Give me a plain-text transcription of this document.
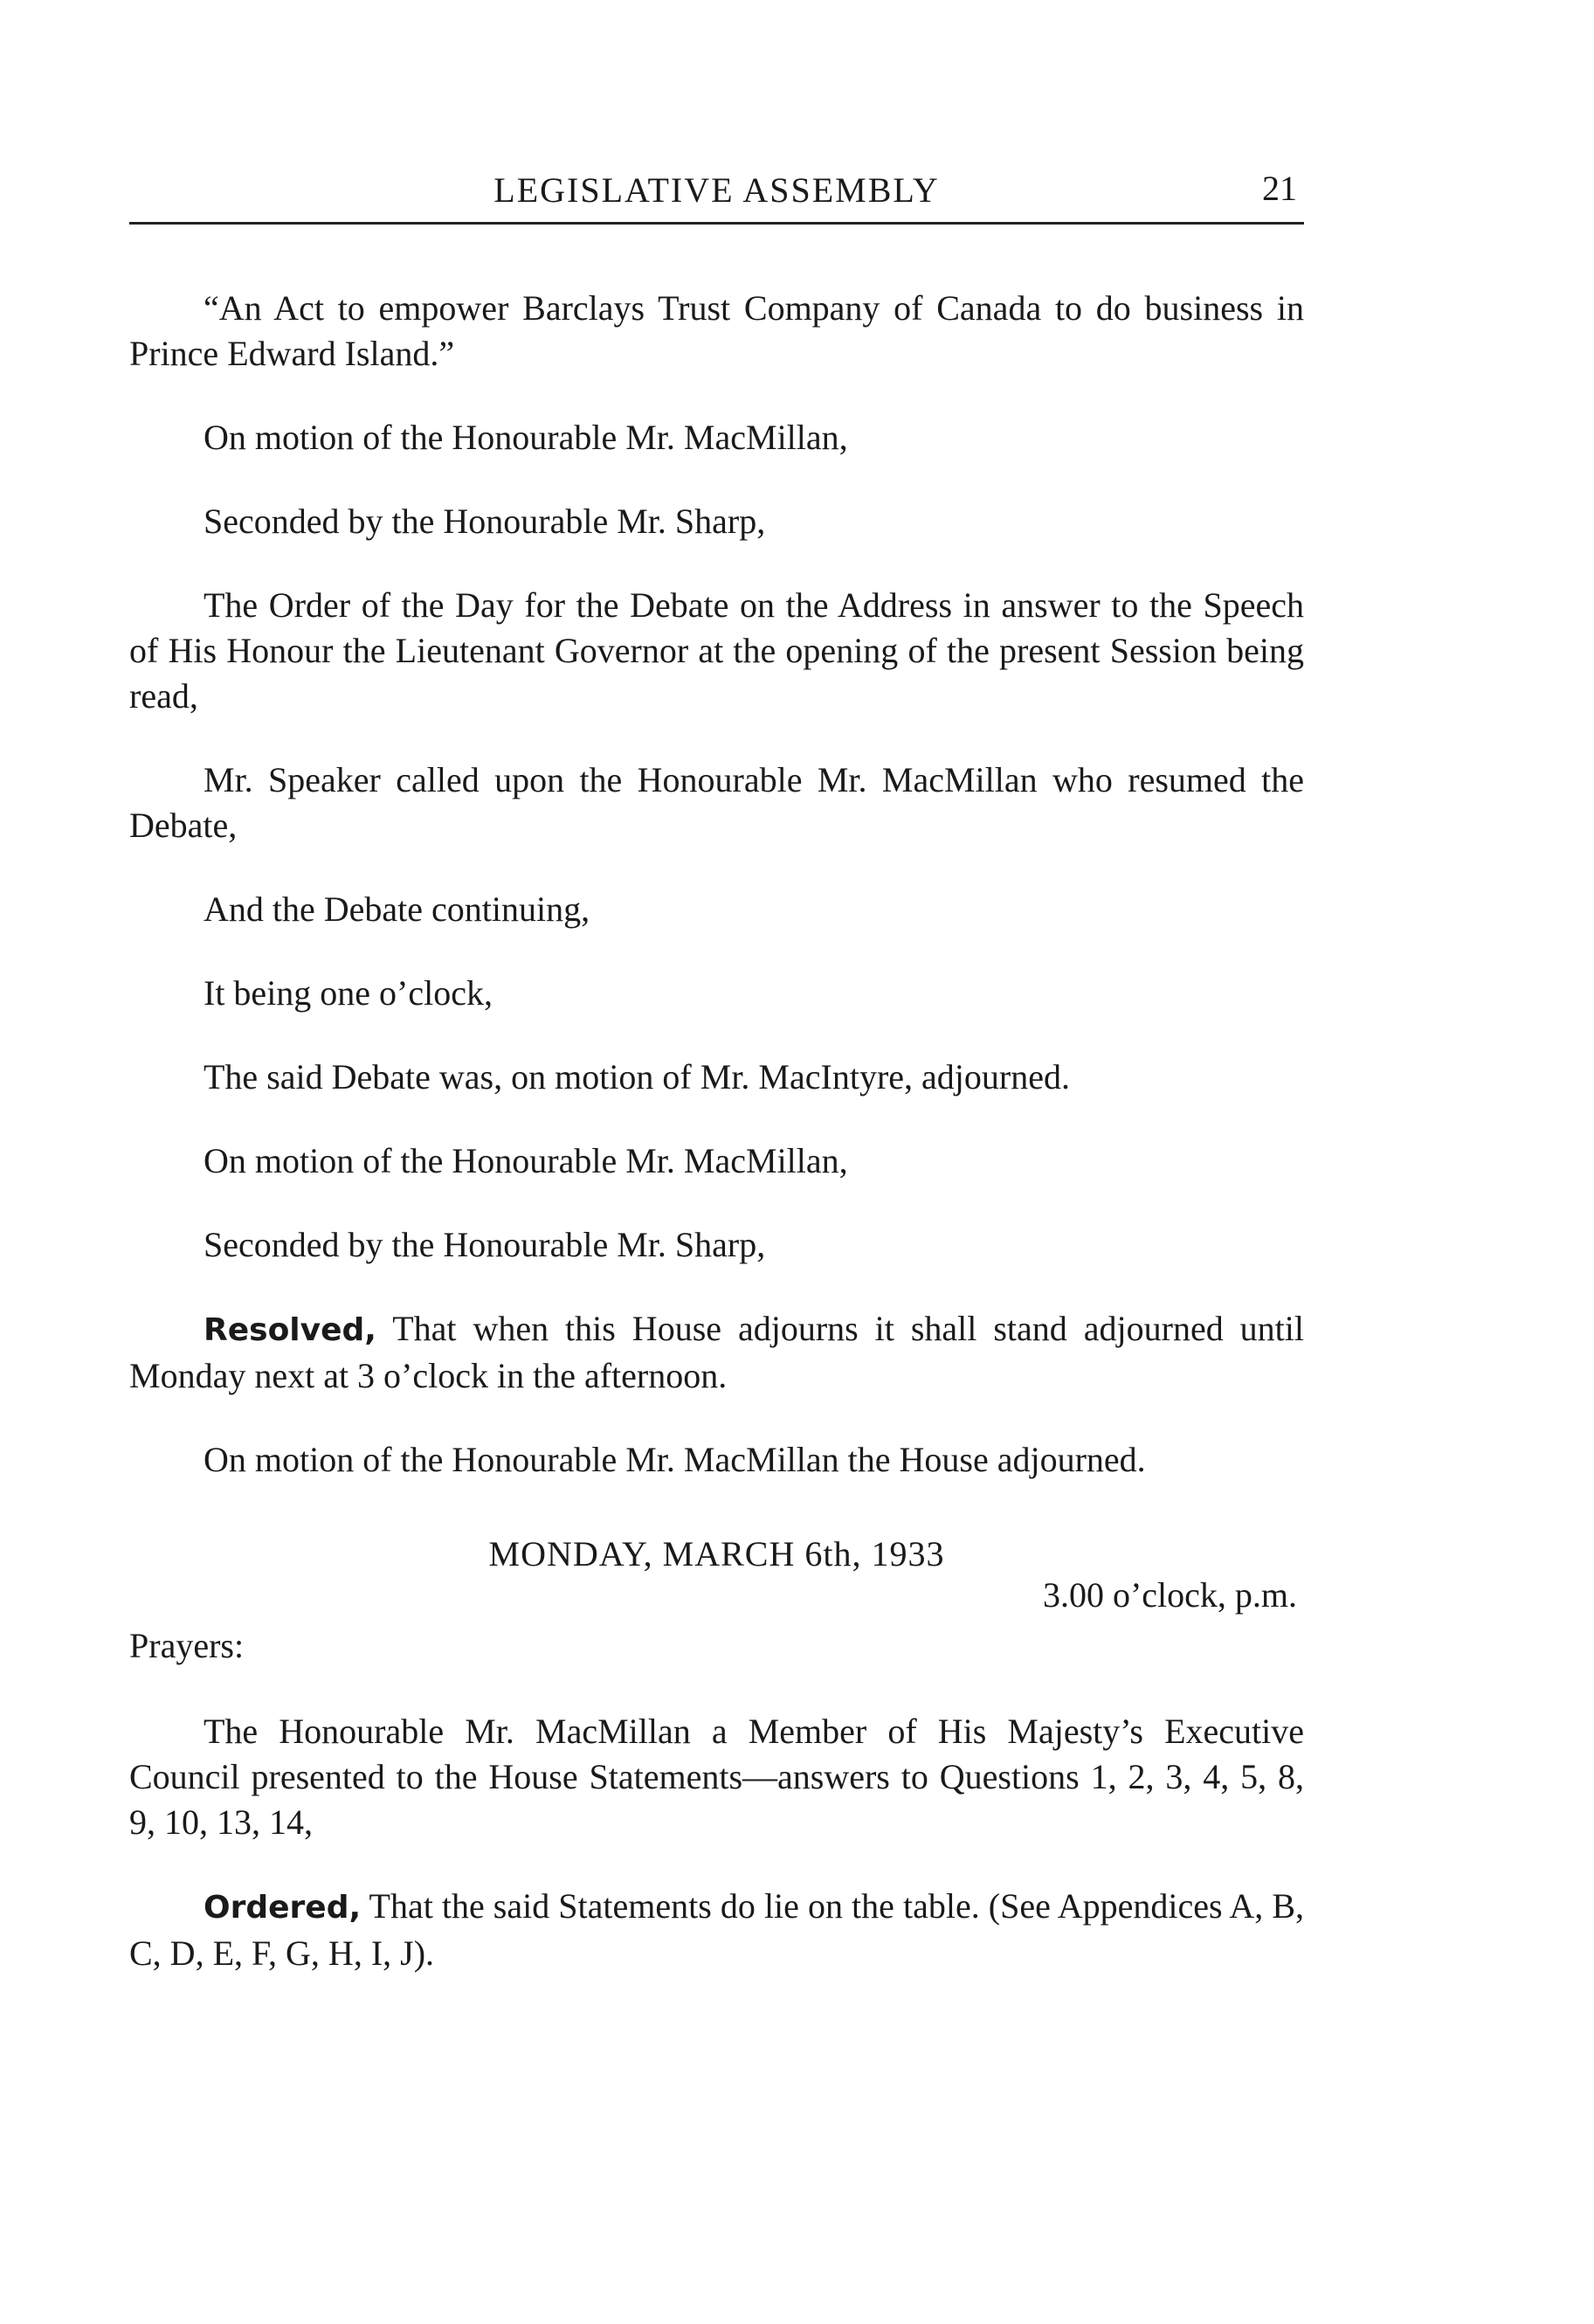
LEGISLATIVE ASSEMBLY	21

“An Act to empower Barclays Trust Company of Canada to do business in Prince Edward Island.”

On motion of the Honourable Mr. MacMillan,

Seconded by the Honourable Mr. Sharp,

The Order of the Day for the Debate on the Address in answer to the Speech of His Honour the Lieutenant Governor at the opening of the present Session being read,

Mr. Speaker called upon the Honourable Mr. MacMillan who resumed the Debate,

And the Debate continuing,

It being one o’clock,

The said Debate was, on motion of Mr. MacIntyre, adjourned.

On motion of the Honourable Mr. MacMillan,

Seconded by the Honourable Mr. Sharp,

Resolved, That when this House adjourns it shall stand adjourned until Monday next at 3 o’clock in the afternoon.

On motion of the Honourable Mr. MacMillan the House adjourned.

MONDAY, MARCH 6th, 1933
3.00 o’clock, p.m.
Prayers:

The Honourable Mr. MacMillan a Member of His Majesty’s Executive Council presented to the House Statements—answers to Questions 1, 2, 3, 4, 5, 8, 9, 10, 13, 14,

Ordered, That the said Statements do lie on the table. (See Appendices A, B, C, D, E, F, G, H, I, J).
